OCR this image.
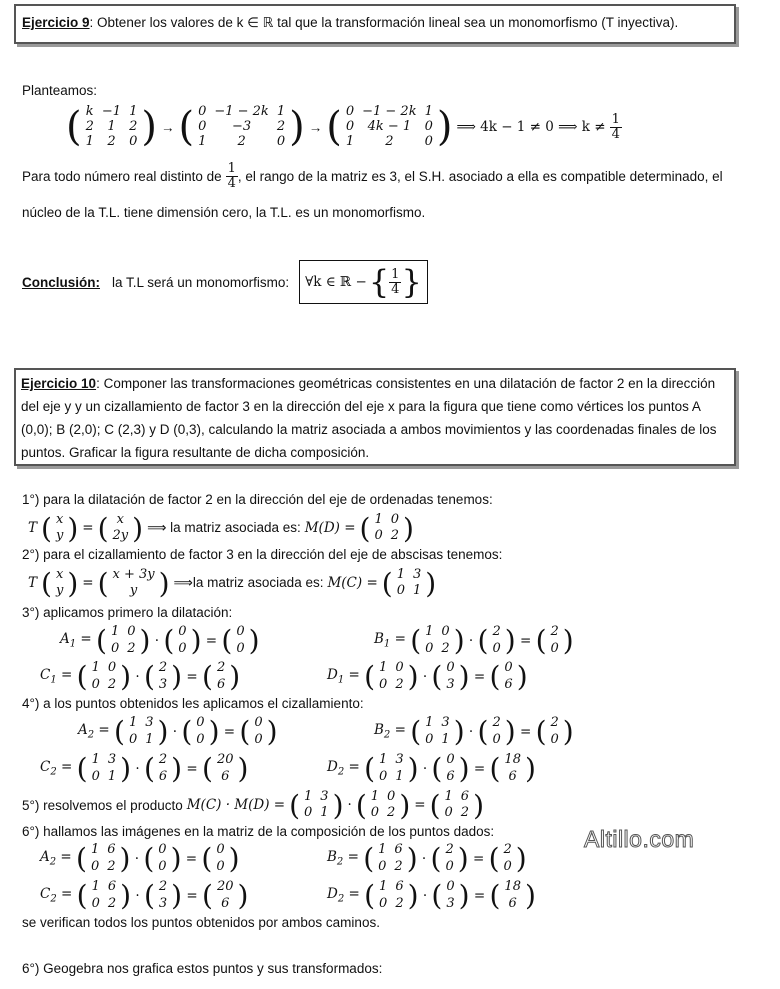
Ejercicio 9: Obtener los valores de k ∈ ℝ tal que la transformación lineal sea un monomorfismo (T inyectiva).
Planteamos:
( k	−1	1
2	1	2
1	2	0 ) → ( 0	−1 − 2k	1
0	−3	2
1	2	0 ) → ( 0	−1 − 2k	1
0	4k − 1	0
1	2	0 ) ⟹ 4k − 1 ≠ 0 ⟹ $k \ne \frac{1}{4}$
Para todo número real distinto de $\frac{1}{4}$ , el rango de la matriz es 3, el S.H. asociado a ella es compatible determinado, el
núcleo de la T.L. tiene dimensión cero, la T.L. es un monomorfismo.
Conclusión: la T.L será un monomorfismo: ∀k ∈ ℝ − { $\frac{1}{4}$ }
Ejercicio 10: Componer las transformaciones geométricas consistentes en una dilatación de factor 2 en la dirección
del eje y y un cizallamiento de factor 3 en la dirección del eje x para la figura que tiene como vértices los puntos A
(0,0); B (2,0); C (2,3) y D (0,3), calculando la matriz asociada a ambos movimientos y las coordenadas finales de los
puntos. Graficar la figura resultante de dicha composición.
1°) para la dilatación de factor 2 en la dirección del eje de ordenadas tenemos:
T ( x
y ) = ( x
2y ) ⟹ la matriz asociada es: M(D) = ( 1	0
0	2 )
2°) para el cizallamiento de factor 3 en la dirección del eje de abscisas tenemos:
T ( x
y ) = ( x + 3y
y ) ⟹la matriz asociada es: M(C) = ( 1	3
0	1 )
3°) aplicamos primero la dilatación:
$A_1$ = ( 1	0
0	2 ) · ( 0
0 ) = ( 0
0 )	$B_1$ = ( 1	0
0	2 ) · ( 2
0 ) = ( 2
0 )
$C_1$ = ( 1	0
0	2 ) · ( 2
3 ) = ( 2
6 )	$D_1$ = ( 1	0
0	2 ) · ( 0
3 ) = ( 0
6 )
4°) a los puntos obtenidos les aplicamos el cizallamiento:
$A_2$ = ( 1	3
0	1 ) · ( 0
0 ) = ( 0
0 )	$B_2$ = ( 1	3
0	1 ) · ( 2
0 ) = ( 2
0 )
$C_2$ = ( 1	3
0	1 ) · ( 2
6 ) = ( 20
6 )	$D_2$ = ( 1	3
0	1 ) · ( 0
6 ) = ( 18
6 )
5°) resolvemos el producto M(C) · M(D) = ( 1	3
0	1 ) · ( 1	0
0	2 ) = ( 1	6
0	2 )
6°) hallamos las imágenes en la matriz de la composición de los puntos dados:
$A_2$ = ( 1	6
0	2 ) · ( 0
0 ) = ( 0
0 )	$B_2$ = ( 1	6
0	2 ) · ( 2
0 ) = ( 2
0 )
$C_2$ = ( 1	6
0	2 ) · ( 2
3 ) = ( 20
6 )	$D_2$ = ( 1	6
0	2 ) · ( 0
3 ) = ( 18
6 )
se verifican todos los puntos obtenidos por ambos caminos.
6°) Geogebra nos grafica estos puntos y sus transformados:
Altillo.com
